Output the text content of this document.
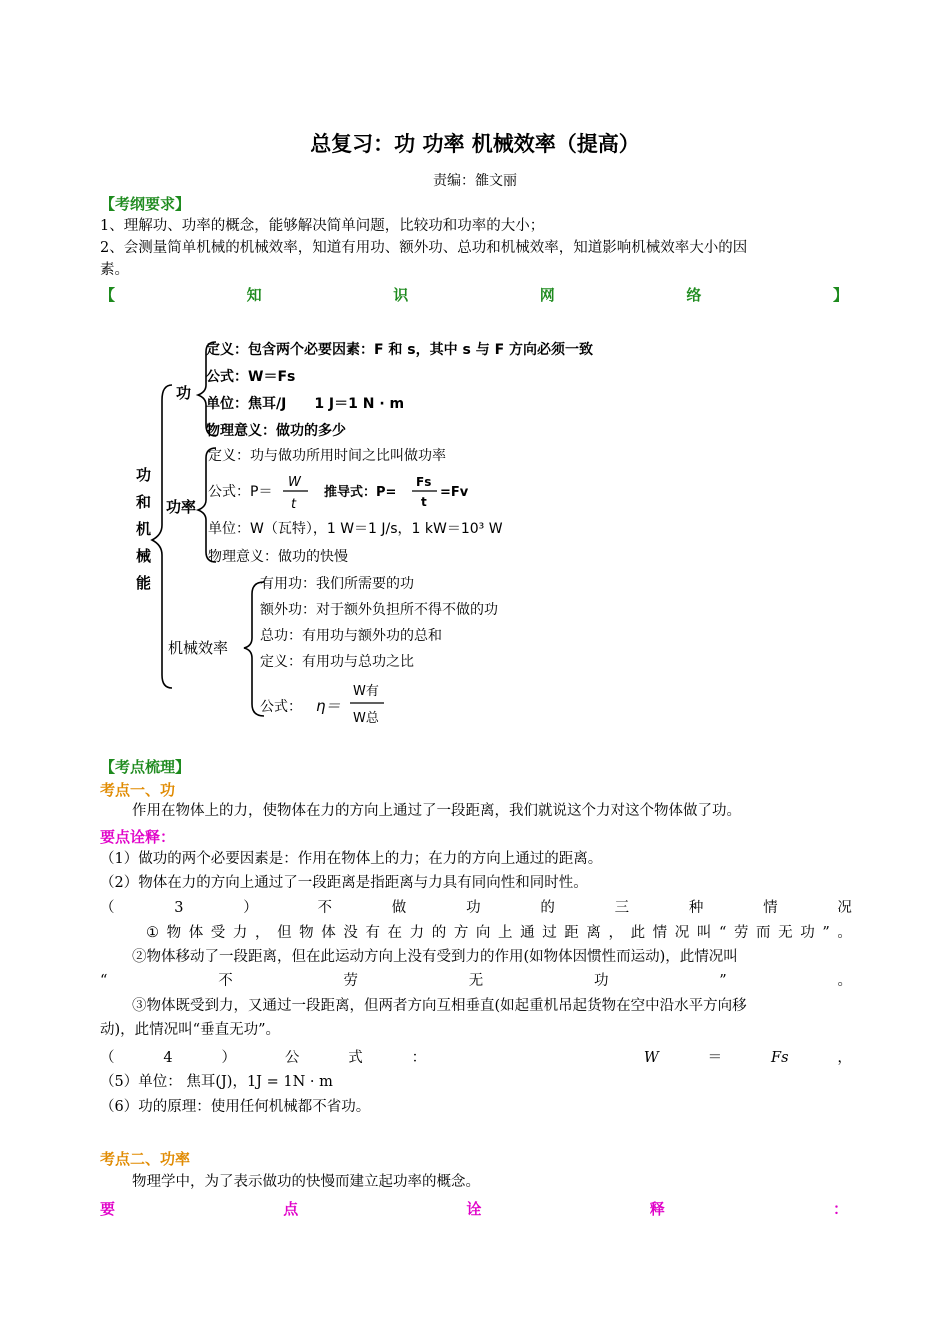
总复习：功 功率 机械效率（提高）
责编：雒文丽
【考纲要求】
1、理解功、功率的概念，能够解决简单问题，比较功和功率的大小；
2、会测量简单机械的机械效率，知道有用功、额外功、总功和机械效率，知道影响机械效率大小的因
素。
【	知	识	网	络	】
功
和
机
械
能
功
定义：包含两个必要因素：F 和 s，其中 s 与 F 方向必须一致
公式：W＝Fs
单位：焦耳/J　　1 J＝1 N · m
物理意义：做功的多少
功率
定义：功与做功所用时间之比叫做功率
公式：P＝
W
t
推导式：P=
Fs
t
=Fv
单位：W（瓦特），1 W＝1 J/s，1 kW＝10³ W
物理意义：做功的快慢
机械效率
有用功：我们所需要的功
额外功：对于额外负担所不得不做的功
总功：有用功与额外功的总和
定义：有用功与总功之比
公式： η＝
W有
W总
【考点梳理】
考点一、功
作用在物体上的力，使物体在力的方向上通过了一段距离，我们就说这个力对这个物体做了功。
要点诠释：
（1）做功的两个必要因素是：作用在物体上的力；在力的方向上通过的距离。
（2）物体在力的方向上通过了一段距离是指距离与力具有同向性和同时性。
（	3	）	不	做	功	的	三	种	情	况
① 物 体 受 力 ， 但 物 体 没 有 在 力 的 方 向 上 通 过 距 离 ， 此 情 况 叫 “ 劳 而 无 功 ” 。
②物体移动了一段距离，但在此运动方向上没有受到力的作用(如物体因惯性而运动)，此情况叫
“	不	劳	无	功	”	。
③物体既受到力，又通过一段距离，但两者方向互相垂直(如起重机吊起货物在空中沿水平方向移
动)，此情况叫“垂直无功”。
（	4	）	公	式	：	W	＝	Fs	，
（5）单位： 焦耳(J)，1J = 1N · m
（6）功的原理：使用任何机械都不省功。
考点二、功率
物理学中，为了表示做功的快慢而建立起功率的概念。
要	点	诠	释	：
